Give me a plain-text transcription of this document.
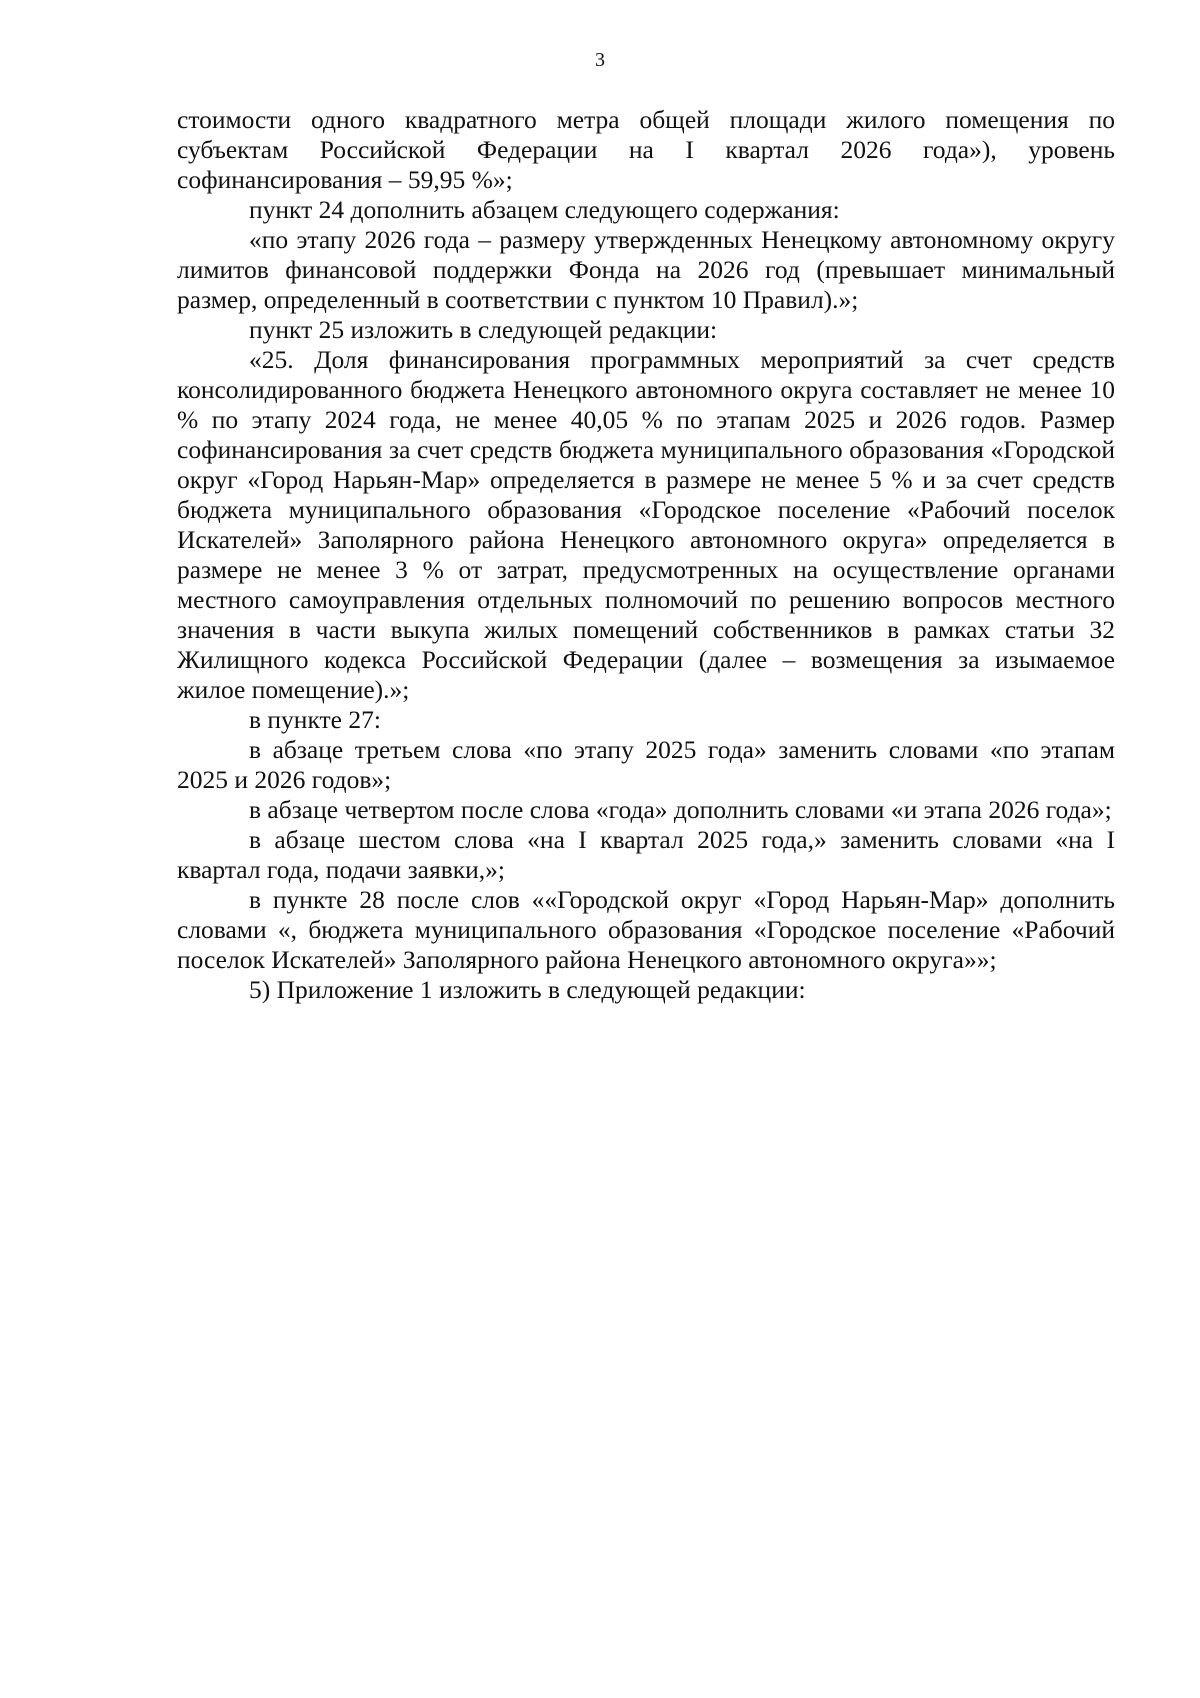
3

стоимости одного квадратного метра общей площади жилого помещения по субъектам Российской Федерации на I квартал 2026 года»), уровень софинансирования – 59,95 %»;

пункт 24 дополнить абзацем следующего содержания:

«по этапу 2026 года – размеру утвержденных Ненецкому автономному округу лимитов финансовой поддержки Фонда на 2026 год (превышает минимальный размер, определенный в соответствии с пунктом 10 Правил).»;

пункт 25 изложить в следующей редакции:

«25. Доля финансирования программных мероприятий за счет средств консолидированного бюджета Ненецкого автономного округа составляет не менее 10 % по этапу 2024 года, не менее 40,05 % по этапам 2025 и 2026 годов. Размер софинансирования за счет средств бюджета муниципального образования «Городской округ «Город Нарьян-Мар» определяется в размере не менее 5 % и за счет средств бюджета муниципального образования «Городское поселение «Рабочий поселок Искателей» Заполярного района Ненецкого автономного округа» определяется в размере не менее 3 % от затрат, предусмотренных на осуществление органами местного самоуправления отдельных полномочий по решению вопросов местного значения в части выкупа жилых помещений собственников в рамках статьи 32 Жилищного кодекса Российской Федерации (далее – возмещения за изымаемое жилое помещение).»;

в пункте 27:

в абзаце третьем слова «по этапу 2025 года» заменить словами «по этапам 2025 и 2026 годов»;

в абзаце четвертом после слова «года» дополнить словами «и этапа 2026 года»;

в абзаце шестом слова «на I квартал 2025 года,» заменить словами «на I квартал года, подачи заявки,»;

в пункте 28 после слов ««Городской округ «Город Нарьян-Мар» дополнить словами «, бюджета муниципального образования «Городское поселение «Рабочий поселок Искателей» Заполярного района Ненецкого автономного округа»»;

5) Приложение 1 изложить в следующей редакции:
